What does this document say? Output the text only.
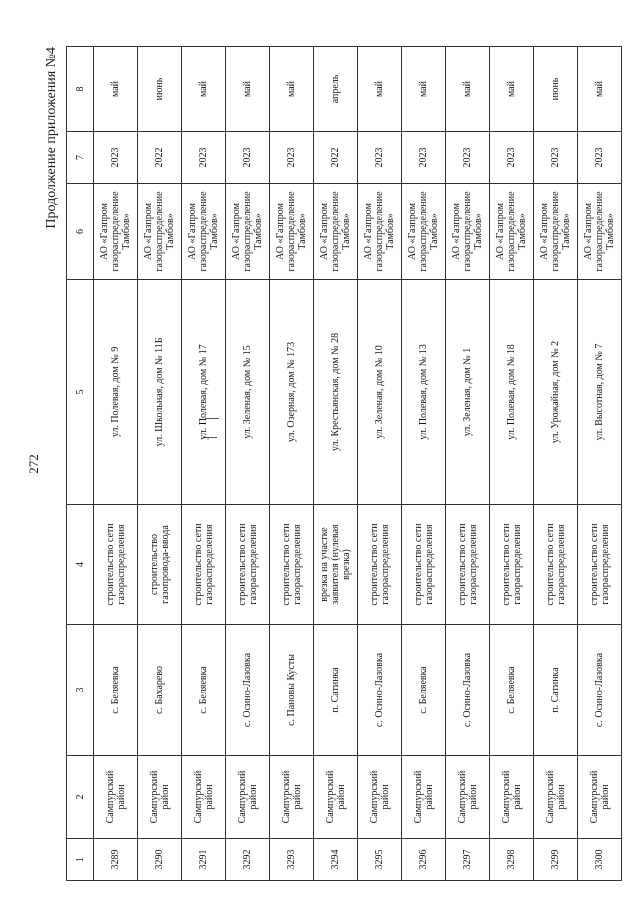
272
Продолжение приложения №4
1	2	3	4	5	6	7	8
3289	Сампурский район	с. Беляевка	строительство сети газораспределения	ул. Полевая, дом № 9	АО «Газпром газораспределение Тамбов»	2023	май
3290	Сампурский район	с. Бахарево	строительство газопровода-ввода	ул. Школьная, дом № 11Б	АО «Газпром газораспределение Тамбов»	2022	июнь
3291	Сампурский район	с. Беляевка	строительство сети газораспределения	ул. Полевая, дом № 17	АО «Газпром газораспределение Тамбов»	2023	май
3292	Сампурский район	с. Осино-Лазовка	строительство сети газораспределения	ул. Зеленая, дом № 15	АО «Газпром газораспределение Тамбов»	2023	май
3293	Сампурский район	с. Пановы Кусты	строительство сети газораспределения	ул. Озерная, дом № 173	АО «Газпром газораспределение Тамбов»	2023	май
3294	Сампурский район	п. Сатинка	врезка на участке заявителя (нулевая врезка)	ул. Крестьянская, дом № 28	АО «Газпром газораспределение Тамбов»	2022	апрель
3295	Сампурский район	с. Осино-Лазовка	строительство сети газораспределения	ул. Зеленая, дом № 10	АО «Газпром газораспределение Тамбов»	2023	май
3296	Сампурский район	с. Беляевка	строительство сети газораспределения	ул. Полевая, дом № 13	АО «Газпром газораспределение Тамбов»	2023	май
3297	Сампурский район	с. Осино-Лазовка	строительство сети газораспределения	ул. Зеленая, дом № 1	АО «Газпром газораспределение Тамбов»	2023	май
3298	Сампурский район	с. Беляевка	строительство сети газораспределения	ул. Полевая, дом № 18	АО «Газпром газораспределение Тамбов»	2023	май
3299	Сампурский район	п. Сатинка	строительство сети газораспределения	ул. Урожайная, дом № 2	АО «Газпром газораспределение Тамбов»	2023	июнь
3300	Сампурский район	с. Осино-Лазовка	строительство сети газораспределения	ул. Высотная, дом № 7	АО «Газпром газораспределение Тамбов»	2023	май
